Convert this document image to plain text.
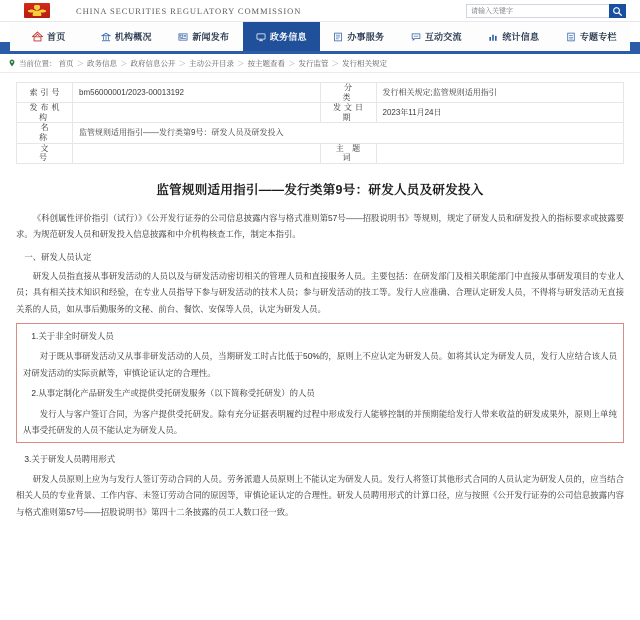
CHINA SECURITIES REGULATORY COMMISSION
请输入关键字
首页	机构概况	新闻发布	政务信息	办事服务	互动交流	统计信息	专题专栏
当前位置： 首页 ＞ 政务信息 ＞ 政府信息公开 ＞ 主动公开目录 ＞ 按主题查看 ＞ 发行监管 ＞ 发行相关规定
索引号	bm56000001/2023-00013192	分　　类	发行相关规定;监管规则适用指引
发布机构		发文日期	2023年11月24日
名　　称	监管规则适用指引——发行类第9号：研发人员及研发投入		
文　　号		主 题 词	
监管规则适用指引——发行类第9号：研发人员及研发投入

《科创属性评价指引（试行）》《公开发行证券的公司信息披露内容与格式准则第57号——招股说明书》等规则，规定了研发人员和研发投入的指标要求或披露要求。为规范研发人员和研发投入信息披露和中介机构核查工作，制定本指引。

一、研发人员认定

研发人员指直接从事研发活动的人员以及与研发活动密切相关的管理人员和直接服务人员。主要包括：在研发部门及相关职能部门中直接从事研发项目的专业人员；具有相关技术知识和经验，在专业人员指导下参与研发活动的技术人员；参与研发活动的技工等。发行人应准确、合理认定研发人员，不得将与研发活动无直接关系的人员，如从事后勤服务的文秘、前台、餐饮、安保等人员，认定为研发人员。

1.关于非全时研发人员

对于既从事研发活动又从事非研发活动的人员，当期研发工时占比低于50%的，原则上不应认定为研发人员。如将其认定为研发人员，发行人应结合该人员对研发活动的实际贡献等，审慎论证认定的合理性。

2.从事定制化产品研发生产或提供受托研发服务（以下简称受托研发）的人员

发行人与客户签订合同，为客户提供受托研发。除有充分证据表明履约过程中形成发行人能够控制的并预期能给发行人带来收益的研发成果外，原则上单纯从事受托研发的人员不能认定为研发人员。

3.关于研发人员聘用形式

研发人员原则上应为与发行人签订劳动合同的人员。劳务派遣人员原则上不能认定为研发人员。发行人将签订其他形式合同的人员认定为研发人员的，应当结合相关人员的专业背景、工作内容、未签订劳动合同的原因等，审慎论证认定的合理性。研发人员聘用形式的计算口径，应与按照《公开发行证券的公司信息披露内容与格式准则第57号——招股说明书》第四十二条披露的员工人数口径一致。
